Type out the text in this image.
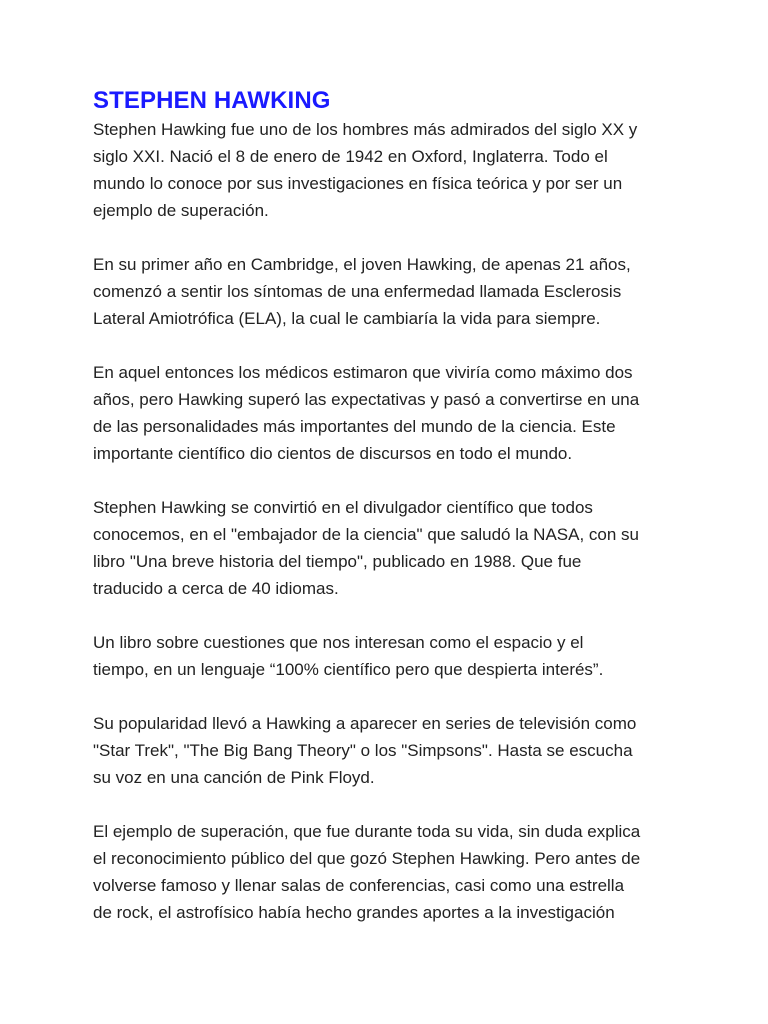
STEPHEN HAWKING

Stephen Hawking fue uno de los hombres más admirados del siglo XX y
siglo XXI. Nació el 8 de enero de 1942 en Oxford, Inglaterra. Todo el
mundo lo conoce por sus investigaciones en física teórica y por ser un
ejemplo de superación.

En su primer año en Cambridge, el joven Hawking, de apenas 21 años,
comenzó a sentir los síntomas de una enfermedad llamada Esclerosis
Lateral Amiotrófica (ELA), la cual le cambiaría la vida para siempre.

En aquel entonces los médicos estimaron que viviría como máximo dos
años, pero Hawking superó las expectativas y pasó a convertirse en una
de las personalidades más importantes del mundo de la ciencia. Este
importante científico dio cientos de discursos en todo el mundo.

Stephen Hawking se convirtió en el divulgador científico que todos
conocemos, en el "embajador de la ciencia" que saludó la NASA, con su
libro "Una breve historia del tiempo", publicado en 1988. Que fue
traducido a cerca de 40 idiomas.

Un libro sobre cuestiones que nos interesan como el espacio y el
tiempo, en un lenguaje “100% científico pero que despierta interés”.

Su popularidad llevó a Hawking a aparecer en series de televisión como
"Star Trek", "The Big Bang Theory" o los "Simpsons". Hasta se escucha
su voz en una canción de Pink Floyd.

El ejemplo de superación, que fue durante toda su vida, sin duda explica
el reconocimiento público del que gozó Stephen Hawking. Pero antes de
volverse famoso y llenar salas de conferencias, casi como una estrella
de rock, el astrofísico había hecho grandes aportes a la investigación
